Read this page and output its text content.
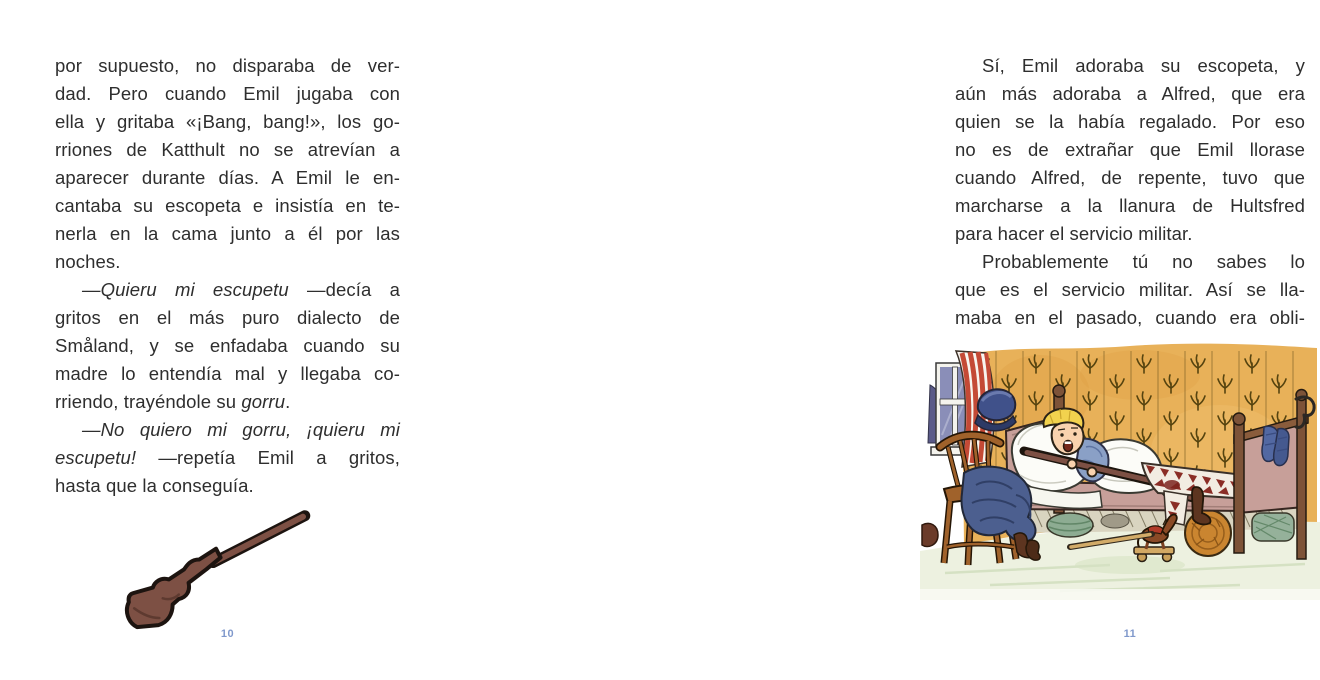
por supuesto, no disparaba de ver-
dad. Pero cuando Emil jugaba con
ella y gritaba «¡Bang, bang!», los go-
rriones de Katthult no se atrevían a
aparecer durante días. A Emil le en-
cantaba su escopeta e insistía en te-
nerla en la cama junto a él por las
noches.
—Quieru mi escupetu —decía a
gritos en el más puro dialecto de
Småland, y se enfadaba cuando su
madre lo entendía mal y llegaba co-
rriendo, trayéndole su gorru.
—No quiero mi gorru, ¡quieru mi
escupetu! —repetía Emil a gritos,
hasta que la conseguía.
10
Sí, Emil adoraba su escopeta, y
aún más adoraba a Alfred, que era
quien se la había regalado. Por eso
no es de extrañar que Emil llorase
cuando Alfred, de repente, tuvo que
marcharse a la llanura de Hultsfred
para hacer el servicio militar.
Probablemente tú no sabes lo
que es el servicio militar. Así se lla-
maba en el pasado, cuando era obli-
11
